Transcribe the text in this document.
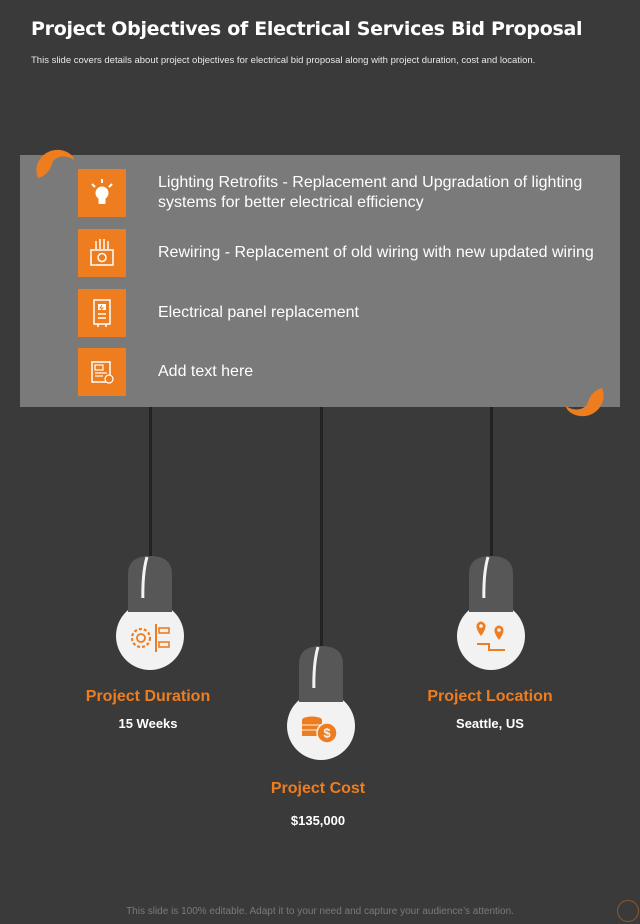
Project Objectives of Electrical Services Bid Proposal
This slide covers details about project objectives for electrical bid proposal along with project duration, cost and location.
Lighting Retrofits - Replacement and Upgradation of lighting systems for better electrical efficiency
Rewiring - Replacement of old wiring with new updated wiring
Electrical panel replacement
Add text here
Project Duration
15 Weeks
$
Project Cost
$135,000
Project Location
Seattle, US
This slide is 100% editable. Adapt it to your need and capture your audience’s attention.
